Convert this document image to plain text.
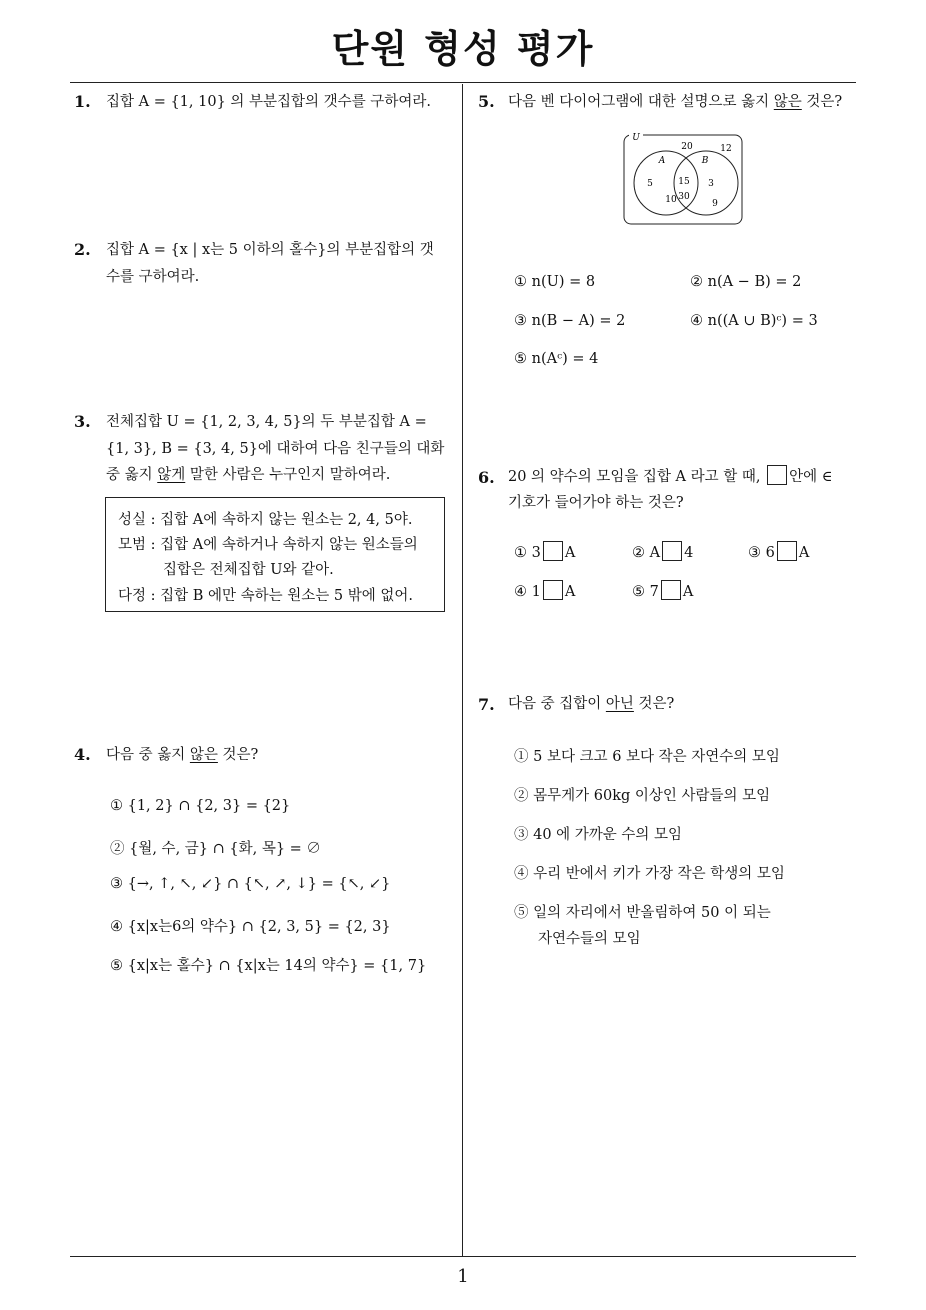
단원 형성 평가
1
1. 집합 A = {1, 10} 의 부분집합의 갯수를 구하여라.
2. 집합 A = {x | x는 5 이하의 홀수}의 부분집합의 갯
수를 구하여라.
3. 전체집합 U = {1, 2, 3, 4, 5}의 두 부분집합 A =
{1, 3}, B = {3, 4, 5}에 대하여 다음 친구들의 대화
중 옳지 않게 말한 사람은 누구인지 말하여라.
성실 : 집합 A에 속하지 않는 원소는 2, 4, 5야.
모범 : 집합 A에 속하거나 속하지 않는 원소들의
집합은 전체집합 U와 같아.
다정 : 집합 B 에만 속하는 원소는 5 밖에 없어.
4. 다음 중 옳지 않은 것은?
① {1, 2} ∩ {2, 3} = {2}
② {월, 수, 금} ∩ {화, 목} = ∅
③ {→, ↑, ↖, ↙} ∩ {↖, ↗, ↓} = {↖, ↙}
④ {x|x는6의 약수} ∩ {2, 3, 5} = {2, 3}
⑤ {x|x는 홀수} ∩ {x|x는 14의 약수} = {1, 7}
5. 다음 벤 다이어그램에 대한 설명으로 옳지 않은 것은?
U
A	B
20	12
5	15 3
10 30
9
① n(U) = 8	② n(A − B) = 2
③ n(B − A) = 2	④ n((A ∪ B)ᶜ) = 3
⑤ n(Aᶜ) = 4
6. 20 의 약수의 모임을 집합 A 라고 할 때, 안에 ∈
기호가 들어가야 하는 것은?
① 3 A	② A 4	③ 6 A
④ 1 A	⑤ 7 A
7. 다음 중 집합이 아닌 것은?
① 5 보다 크고 6 보다 작은 자연수의 모임
② 몸무게가 60kg 이상인 사람들의 모임
③ 40 에 가까운 수의 모임
④ 우리 반에서 키가 가장 작은 학생의 모임
⑤ 일의 자리에서 반올림하여 50 이 되는
자연수들의 모임
